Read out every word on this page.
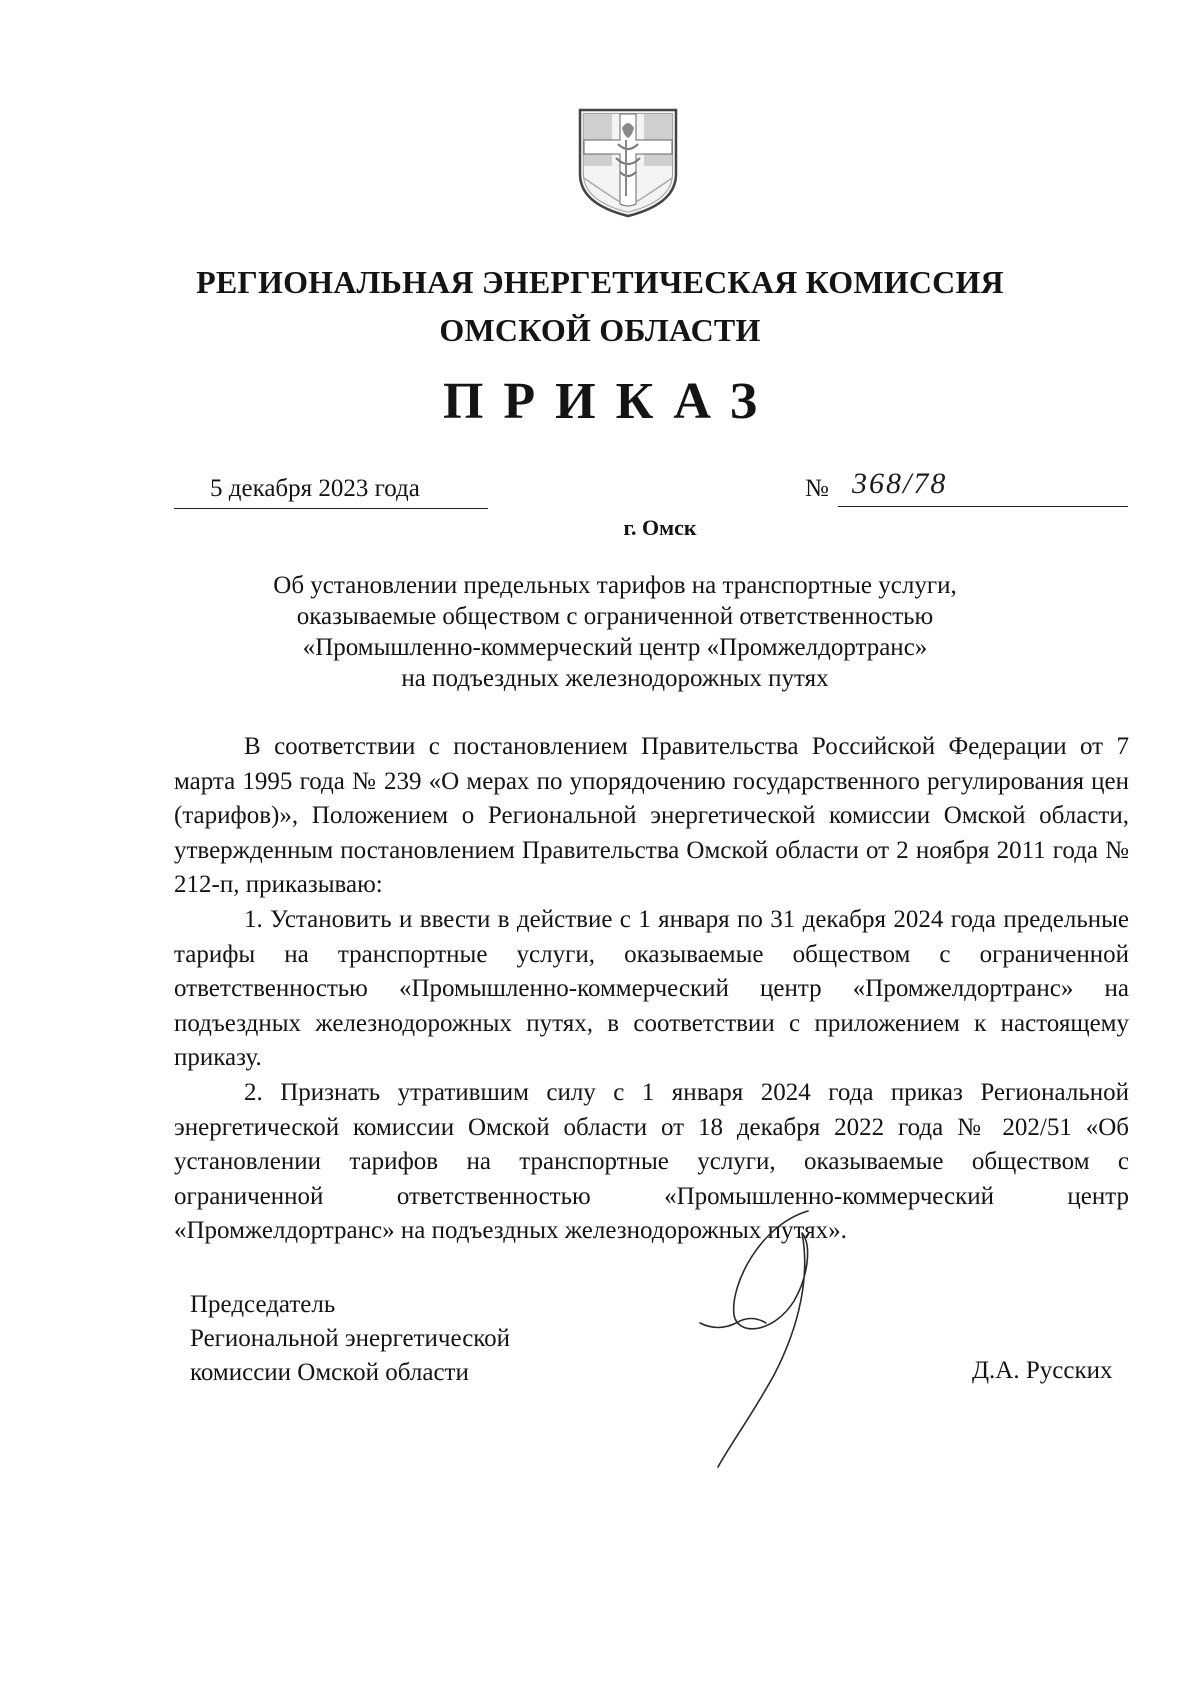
РЕГИОНАЛЬНАЯ ЭНЕРГЕТИЧЕСКАЯ КОМИССИЯ
ОМСКОЙ ОБЛАСТИ
ПРИКАЗ
5 декабря 2023 года	№ 368/78
г. Омск
Об установлении предельных тарифов на транспортные услуги,
оказываемые обществом с ограниченной ответственностью
«Промышленно-коммерческий центр «Промжелдортранс»
на подъездных железнодорожных путях

В соответствии с постановлением Правительства Российской Федерации от 7 марта 1995 года № 239 «О мерах по упорядочению государственного регулирования цен (тарифов)», Положением о Региональной энергетической комиссии Омской области, утвержденным постановлением Правительства Омской области от 2 ноября 2011 года № 212-п, приказываю:

1. Установить и ввести в действие с 1 января по 31 декабря 2024 года предельные тарифы на транспортные услуги, оказываемые обществом с ограниченной ответственностью «Промышленно-коммерческий центр «Промжелдортранс» на подъездных железнодорожных путях, в соответствии с приложением к настоящему приказу.

2. Признать утратившим силу с 1 января 2024 года приказ Региональной энергетической комиссии Омской области от 18 декабря 2022 года № 202/51 «Об установлении тарифов на транспортные услуги, оказываемые обществом с ограниченной ответственностью «Промышленно-коммерческий центр «Промжелдортранс» на подъездных железнодорожных путях».

Председатель
Региональной энергетической
комиссии Омской области	Д.А. Русских
